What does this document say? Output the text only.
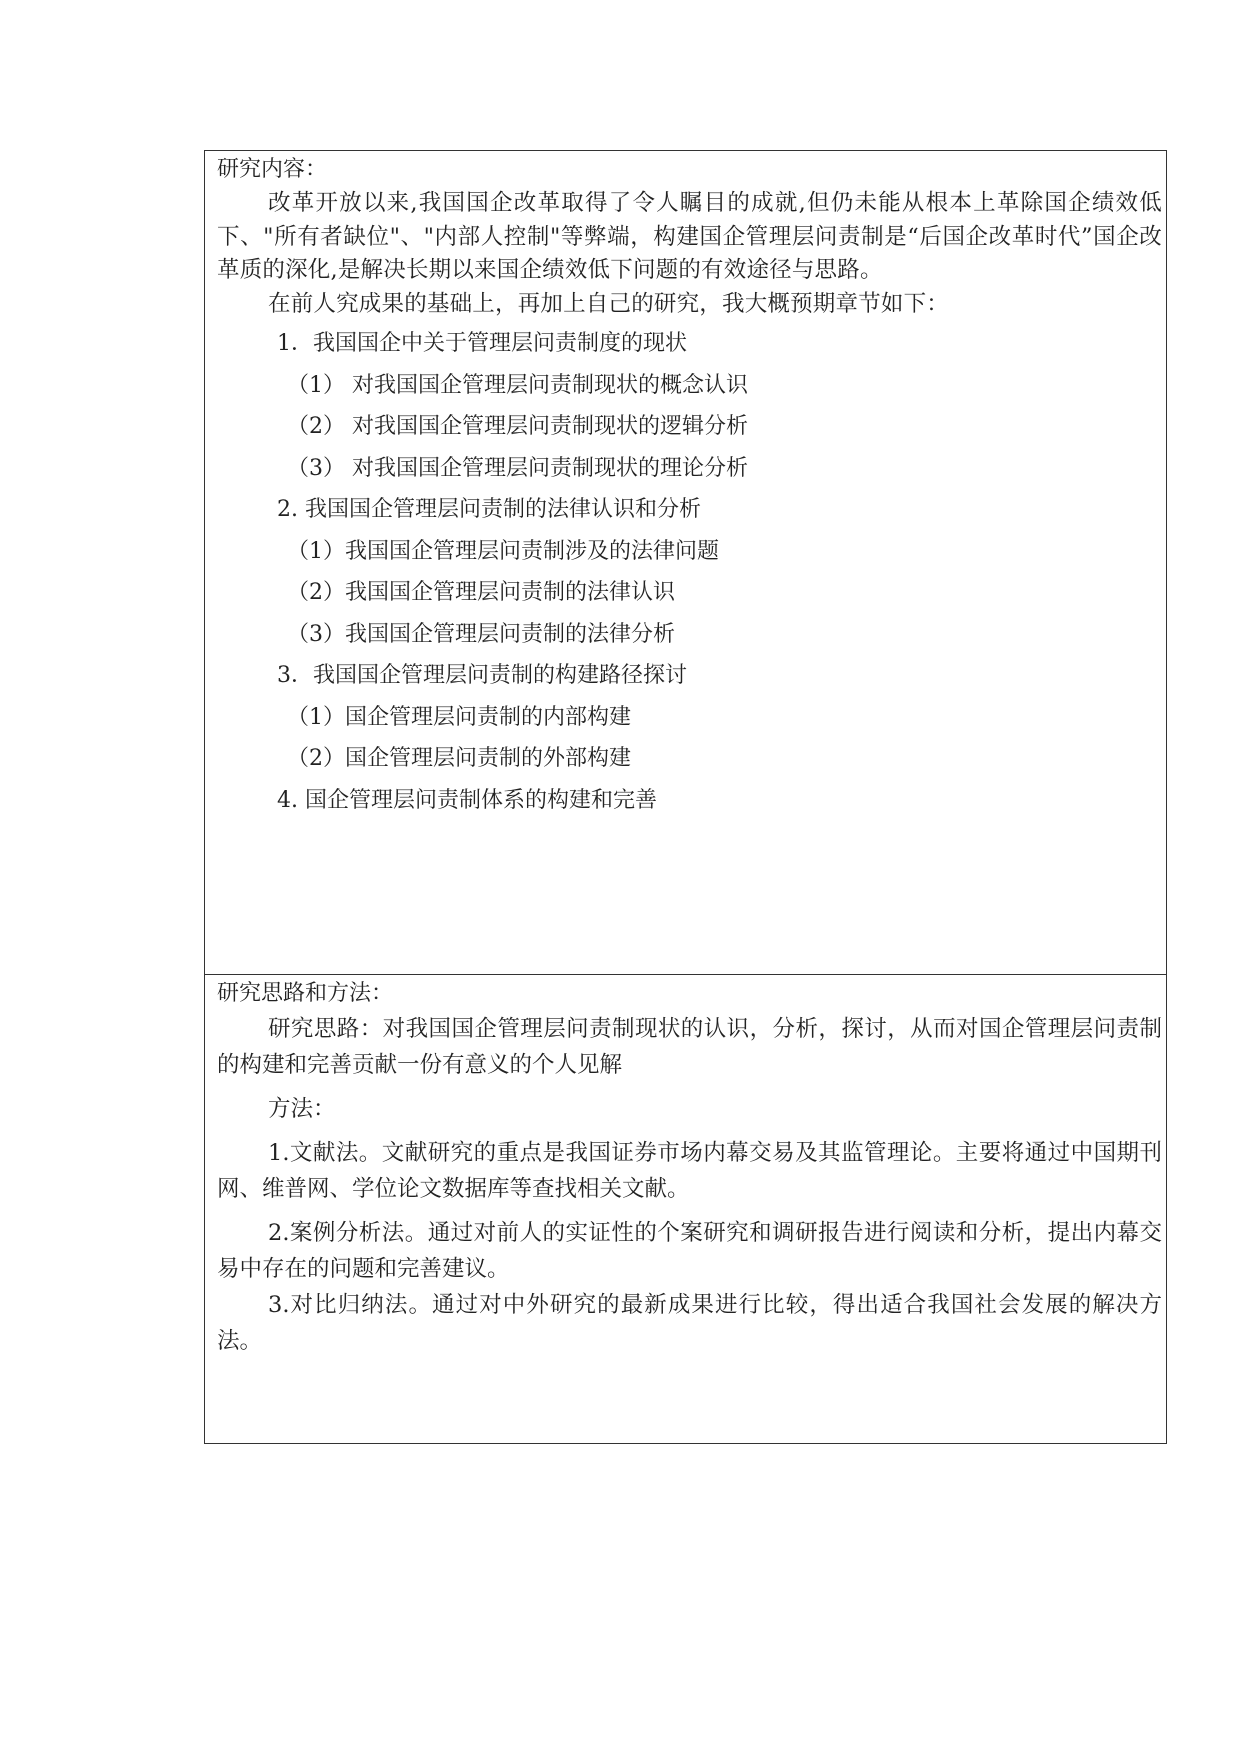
研究内容：

改革开放以来,我国国企改革取得了令人瞩目的成就,但仍未能从根本上革除国企绩效低下、"所有者缺位"、"内部人控制"等弊端，构建国企管理层问责制是“后国企改革时代”国企改革质的深化,是解决长期以来国企绩效低下问题的有效途径与思路。

在前人究成果的基础上，再加上自己的研究，我大概预期章节如下：

1．我国国企中关于管理层问责制度的现状
（1） 对我国国企管理层问责制现状的概念认识
（2） 对我国国企管理层问责制现状的逻辑分析
（3） 对我国国企管理层问责制现状的理论分析
2. 我国国企管理层问责制的法律认识和分析
（1）我国国企管理层问责制涉及的法律问题
（2）我国国企管理层问责制的法律认识
（3）我国国企管理层问责制的法律分析
3．我国国企管理层问责制的构建路径探讨
（1）国企管理层问责制的内部构建
（2）国企管理层问责制的外部构建
4. 国企管理层问责制体系的构建和完善
研究思路和方法：

研究思路：对我国国企管理层问责制现状的认识，分析，探讨，从而对国企管理层问责制的构建和完善贡献一份有意义的个人见解

方法：

1.文献法。文献研究的重点是我国证券市场内幕交易及其监管理论。主要将通过中国期刊网、维普网、学位论文数据库等查找相关文献。

2.案例分析法。通过对前人的实证性的个案研究和调研报告进行阅读和分析，提出内幕交易中存在的问题和完善建议。

3.对比归纳法。通过对中外研究的最新成果进行比较，得出适合我国社会发展的解决方法。
